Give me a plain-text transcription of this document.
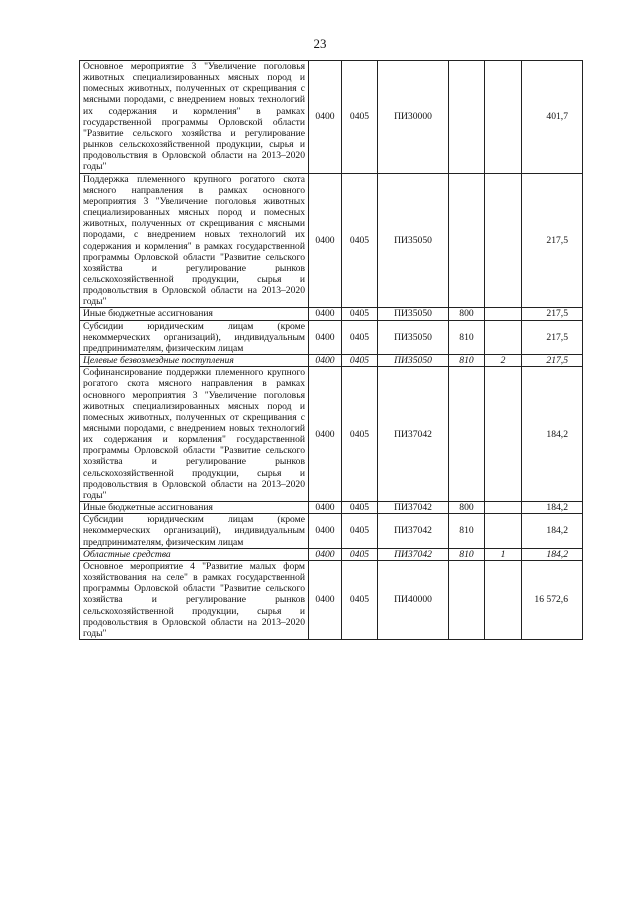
23
Основное мероприятие 3 "Увеличение поголовья животных специализированных мясных пород и помесных животных, полученных от скрещивания с мясными породами, с внедрением новых технологий их содержания и кормления" в рамках государственной программы Орловской области "Развитие сельского хозяйства и регулирование рынков сельскохозяйственной продукции, сырья и продовольствия в Орловской области на 2013–2020 годы"	0400	0405	ПИ30000			401,7
Поддержка племенного крупного рогатого скота мясного направления в рамках основного мероприятия 3 "Увеличение поголовья животных специализированных мясных пород и помесных животных, полученных от скрещивания с мясными породами, с внедрением новых технологий их содержания и кормления" в рамках государственной программы Орловской области "Развитие сельского хозяйства и регулирование рынков сельскохозяйственной продукции, сырья и продовольствия в Орловской области на 2013–2020 годы"	0400	0405	ПИ35050			217,5
Иные бюджетные ассигнования	0400	0405	ПИ35050	800		217,5
Субсидии юридическим лицам (кроме некоммерческих организаций), индивидуальным предпринимателям, физическим лицам	0400	0405	ПИ35050	810		217,5
Целевые безвозмездные поступления	0400	0405	ПИ35050	810	2	217,5
Софинансирование поддержки племенного крупного рогатого скота мясного направления в рамках основного мероприятия 3 "Увеличение поголовья животных специализированных мясных пород и помесных животных, полученных от скрещивания с мясными породами, с внедрением новых технологий их содержания и кормления" государственной программы Орловской области "Развитие сельского хозяйства и регулирование рынков сельскохозяйственной продукции, сырья и продовольствия в Орловской области на 2013–2020 годы"	0400	0405	ПИ37042			184,2
Иные бюджетные ассигнования	0400	0405	ПИ37042	800		184,2
Субсидии юридическим лицам (кроме некоммерческих организаций), индивидуальным предпринимателям, физическим лицам	0400	0405	ПИ37042	810		184,2
Областные средства	0400	0405	ПИ37042	810	1	184,2
Основное мероприятие 4 "Развитие малых форм хозяйствования на селе" в рамках государственной программы Орловской области "Развитие сельского хозяйства и регулирование рынков сельскохозяйственной продукции, сырья и продовольствия в Орловской области на 2013–2020 годы"	0400	0405	ПИ40000			16 572,6
